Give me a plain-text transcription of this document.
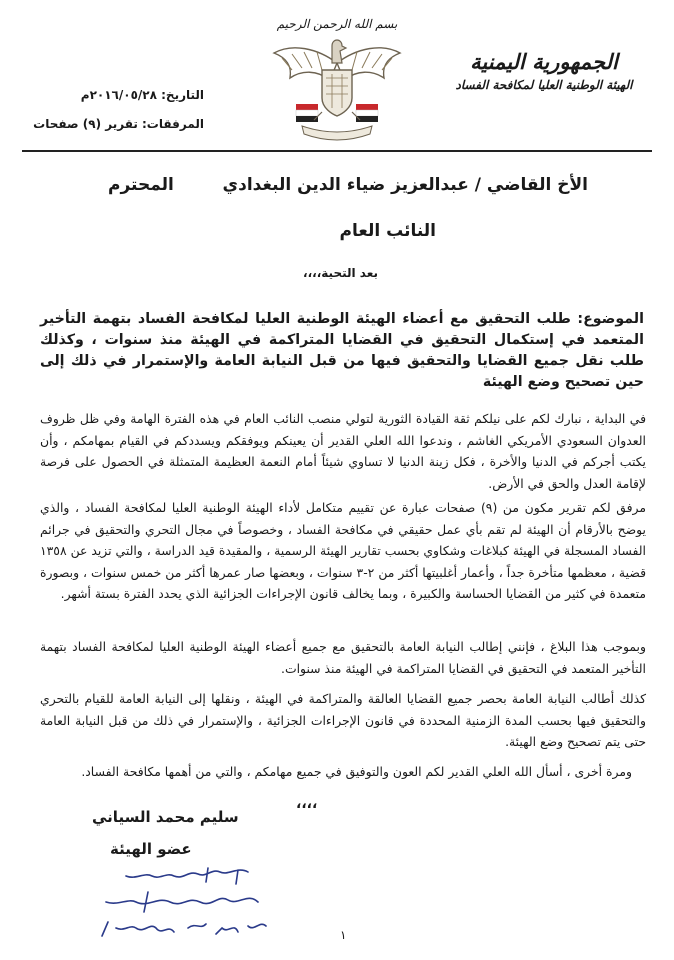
الجمهورية اليمنية
الهيئة الوطنية العليا لمكافحة الفساد
بسم الله الرحمن الرحيم
التاريخ: ٢٠١٦/٠٥/٢٨م
المرفقات: تقرير (٩) صفحات
الأخ القاضي / عبدالعزيز ضياء الدين البغدادي
المحترم
النائب العام
بعد التحية،،،،
الموضوع: طلب التحقيق مع أعضاء الهيئة الوطنية العليا لمكافحة الفساد بتهمة التأخير المتعمد في إستكمال التحقيق في القضايا المتراكمة في الهيئة منذ سنوات ، وكذلك طلب نقل جميع القضايا والتحقيق فيها من قبل النيابة العامة والإستمرار في ذلك إلى حين تصحيح وضع الهيئة
في البداية ، نبارك لكم على نيلكم ثقة القيادة الثورية لتولي منصب النائب العام في هذه الفترة الهامة وفي ظل ظروف العدوان السعودي الأمريكي الغاشم ، وندعوا الله العلي القدير أن يعينكم ويوفقكم ويسددكم في القيام بمهامكم ، وأن يكتب أجركم في الدنيا والأخرة ، فكل زينة الدنيا لا تساوي شيئاً أمام النعمة العظيمة المتمثلة في الحصول على فرصة لإقامة العدل والحق في الأرض.
مرفق لكم تقرير مكون من (٩) صفحات عبارة عن تقييم متكامل لأداء الهيئة الوطنية العليا لمكافحة الفساد ، والذي يوضح بالأرقام أن الهيئة لم تقم بأي عمل حقيقي في مكافحة الفساد ، وخصوصاً في مجال التحري والتحقيق في جرائم الفساد المسجلة في الهيئة كبلاغات وشكاوي بحسب تقارير الهيئة الرسمية ، والمقيدة قيد الدراسة ، والتي تزيد عن ١٣٥٨ قضية ، معظمها متأخرة جداً ، وأعمار أغلبيتها أكثر من ٢-٣ سنوات ، وبعضها صار عمرها أكثر من خمس سنوات ، وبصورة متعمدة في كثير من القضايا الحساسة والكبيرة ، وبما يخالف قانون الإجراءات الجزائية الذي يحدد الفترة بستة أشهر.
وبموجب هذا البلاغ ، فإنني إطالب النيابة العامة بالتحقيق مع جميع أعضاء الهيئة الوطنية العليا لمكافحة الفساد بتهمة التأخير المتعمد في التحقيق في القضايا المتراكمة في الهيئة منذ سنوات.
كذلك أطالب النيابة العامة بحصر جميع القضايا العالقة والمتراكمة في الهيئة ، ونقلها إلى النيابة العامة للقيام بالتحري والتحقيق فيها بحسب المدة الزمنية المحددة في قانون الإجراءات الجزائية ، والإستمرار في ذلك من قبل النيابة العامة حتى يتم تصحيح وضع الهيئة.
ومرة أخرى ، أسأل الله العلي القدير لكم العون والتوفيق في جميع مهامكم ، والتي من أهمها مكافحة الفساد.
،،،،
سليم محمد السياني
عضو الهيئة
١
